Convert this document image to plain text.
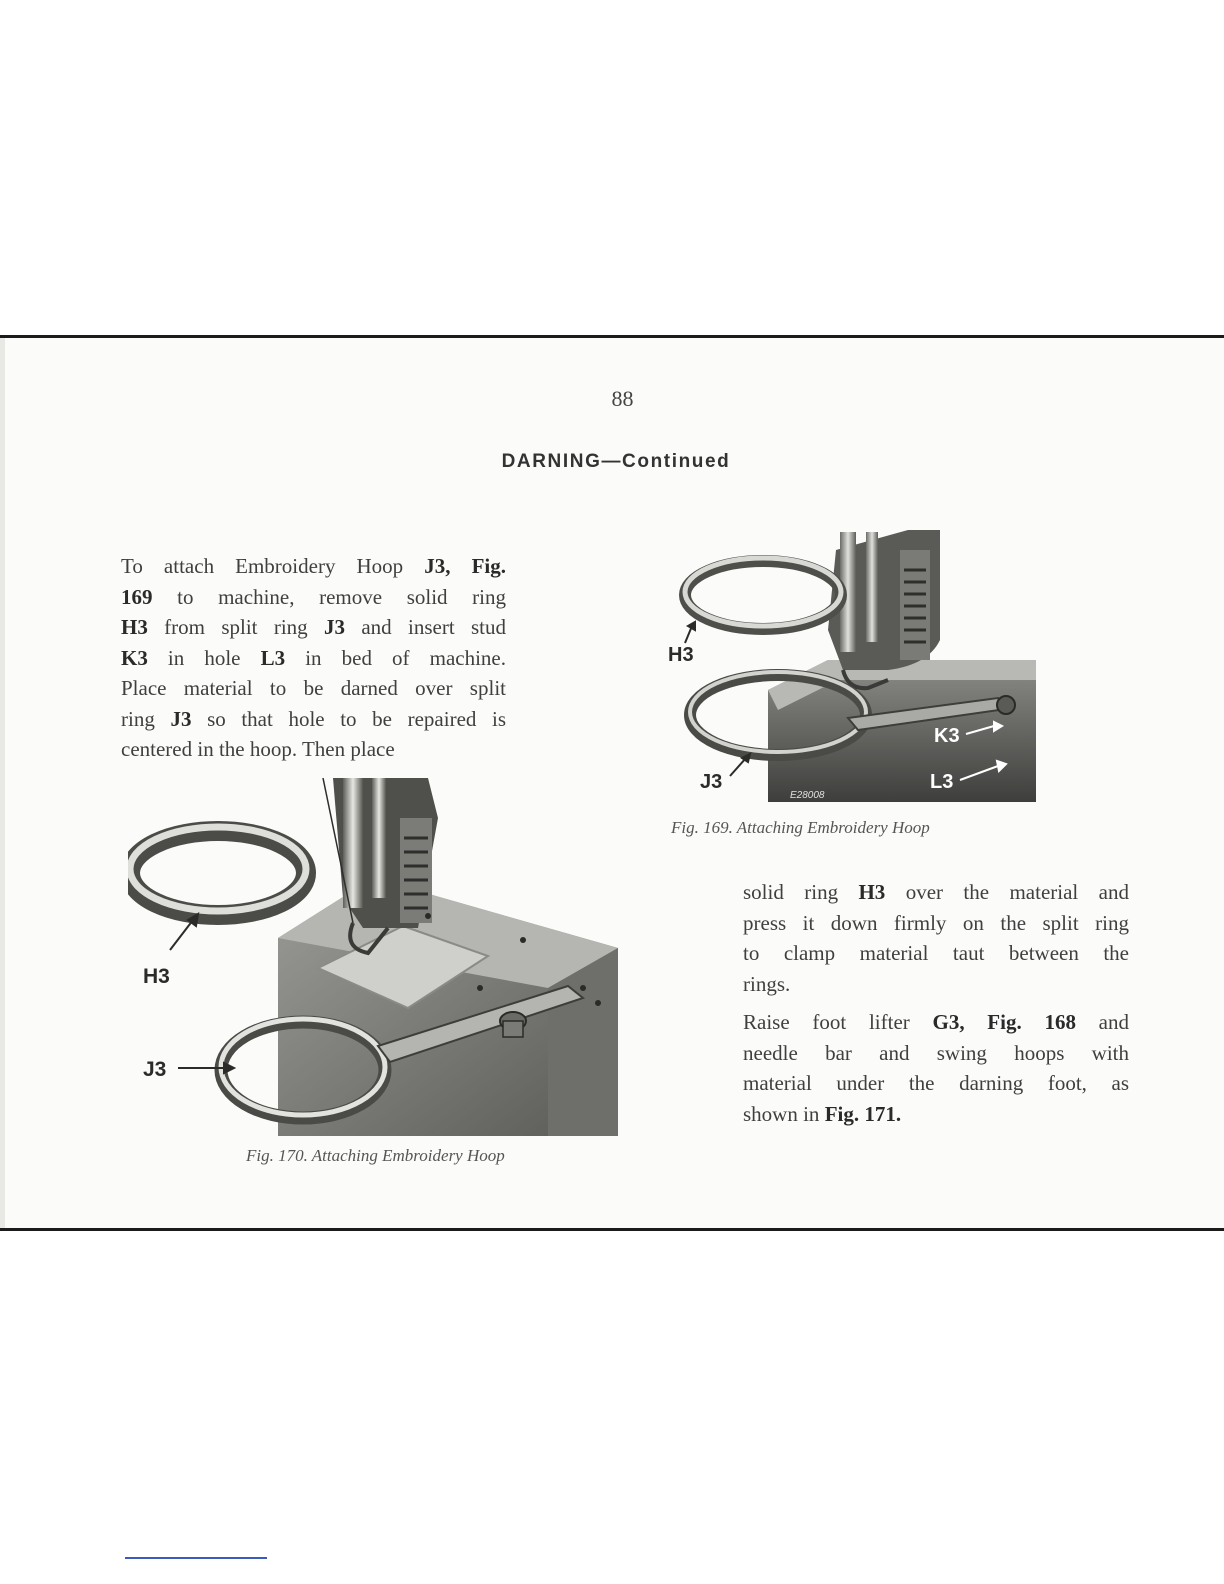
88
DARNING—Continued

To attach Embroidery Hoop J3, Fig.
169 to machine, remove solid ring
H3 from split ring J3 and insert stud
K3 in hole L3 in bed of machine.
Place material to be darned over split
ring J3 so that hole to be repaired is
centered in the hoop. Then place

H3
J3
K3
L3
E28008
Fig. 169. Attaching Embroidery Hoop
H3
J3
Fig. 170. Attaching Embroidery Hoop

solid ring H3 over the material and
press it down firmly on the split ring
to clamp material taut between the
rings.

Raise foot lifter G3, Fig. 168 and
needle bar and swing hoops with
material under the darning foot, as
shown in Fig. 171.
